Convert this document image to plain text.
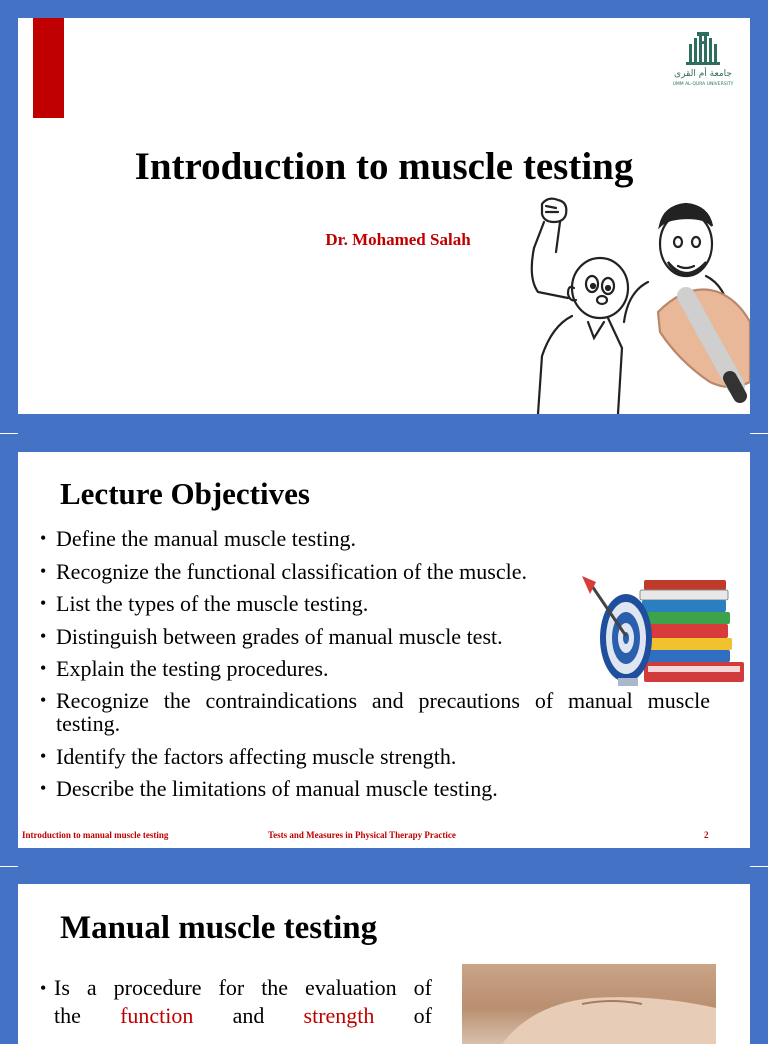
جامعة أم القرى
UMM AL-QURA UNIVERSITY
Introduction to muscle testing
Dr. Mohamed Salah
Lecture Objectives
• Define the manual muscle testing.
• Recognize the functional classification of the muscle.
• List the types of the muscle testing.
• Distinguish between grades of manual muscle test.
• Explain the testing procedures.
• Recognize the contraindications and precautions of manual muscle testing.
• Identify the factors affecting muscle strength.
• Describe the limitations of manual muscle testing.
Introduction to manual muscle testing	Tests and Measures in Physical Therapy Practice	2
Manual muscle testing
• Is a procedure for the evaluation of
the function and strength of
